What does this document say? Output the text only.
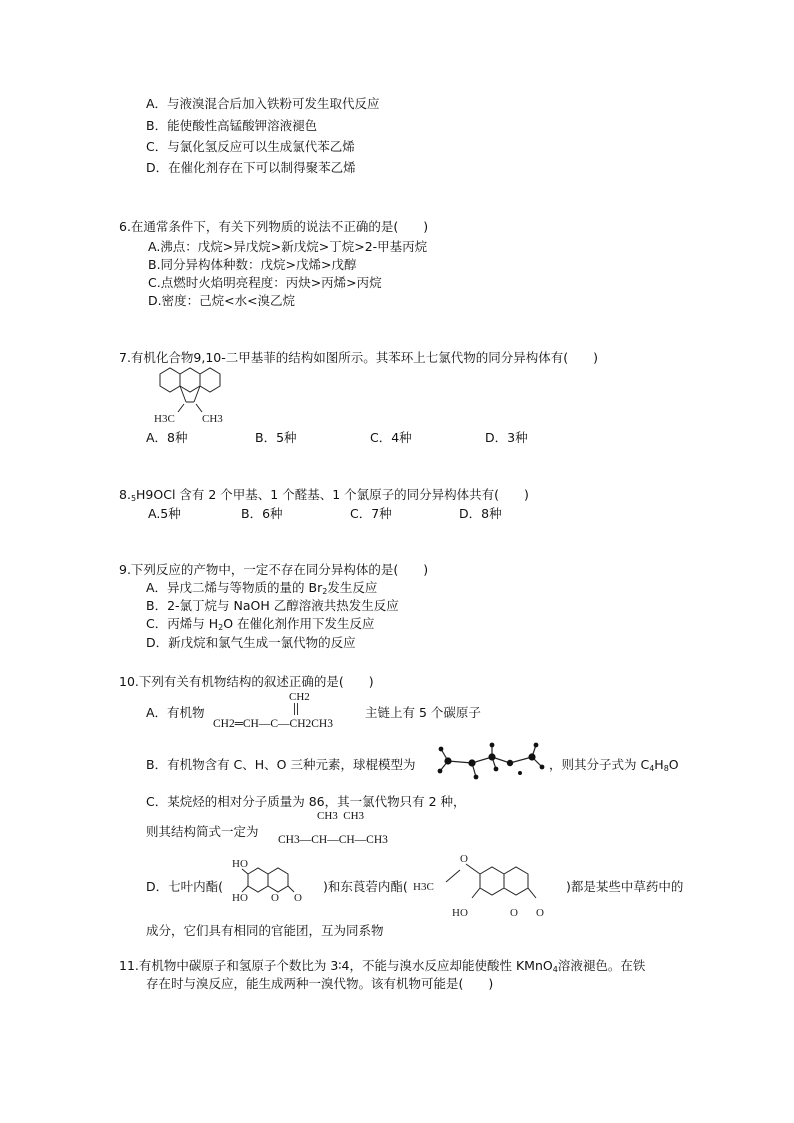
A．与液溴混合后加入铁粉可发生取代反应
B．能使酸性高锰酸钾溶液褪色
C．与氯化氢反应可以生成氯代苯乙烯
D．在催化剂存在下可以制得聚苯乙烯
6.在通常条件下，有关下列物质的说法不正确的是(　　)
A.沸点：戊烷>异戊烷>新戊烷>丁烷>2-甲基丙烷
B.同分异构体种数：戊烷>戊烯>戊醇
C.点燃时火焰明亮程度：丙炔>丙烯>丙烷
D.密度：己烷<水<溴乙烷
7.有机化合物9,10-二甲基菲的结构如图所示。其苯环上七氯代物的同分异构体有(　　)
H3C CH3
A．8种	B．5种	C．4种	D．3种
$8._5H9OCl$ 含有 2 个甲基、1 个醛基、1 个氯原子的同分异构体共有(　　)
A.5种	B．6种	C．7种	D．8种
9.下列反应的产物中，一定不存在同分异构体的是(　　)
A．异戊二烯与等物质的量的 $Br_2$发生反应
B．2-氯丁烷与 NaOH 乙醇溶液共热发生反应
C．丙烯与 $H_2O$ 在催化剂作用下发生反应
D．新戊烷和氯气生成一氯代物的反应
10.下列有关有机物结构的叙述正确的是(　　)
A．有机物
CH2
CH2═CH—C—CH2CH3
主链上有 5 个碳原子
B．有机物含有 C、H、O 三种元素，球棍模型为	，则其分子式为 $C_4H_8O$
C．某烷烃的相对分子质量为 86，其一氯代物只有 2 种，
则其结构简式一定为
CH3  CH3
CH3—CH—CH—CH3
D．七叶内酯(
HO
HO O O
)和东莨菪内酯(
O
H3C
HO	O O
)都是某些中草药中的
成分，它们具有相同的官能团，互为同系物
11.有机物中碳原子和氢原子个数比为 3∶4，不能与溴水反应却能使酸性 KMnO$_4$溶液褪色。在铁
存在时与溴反应，能生成两种一溴代物。该有机物可能是(　　)
